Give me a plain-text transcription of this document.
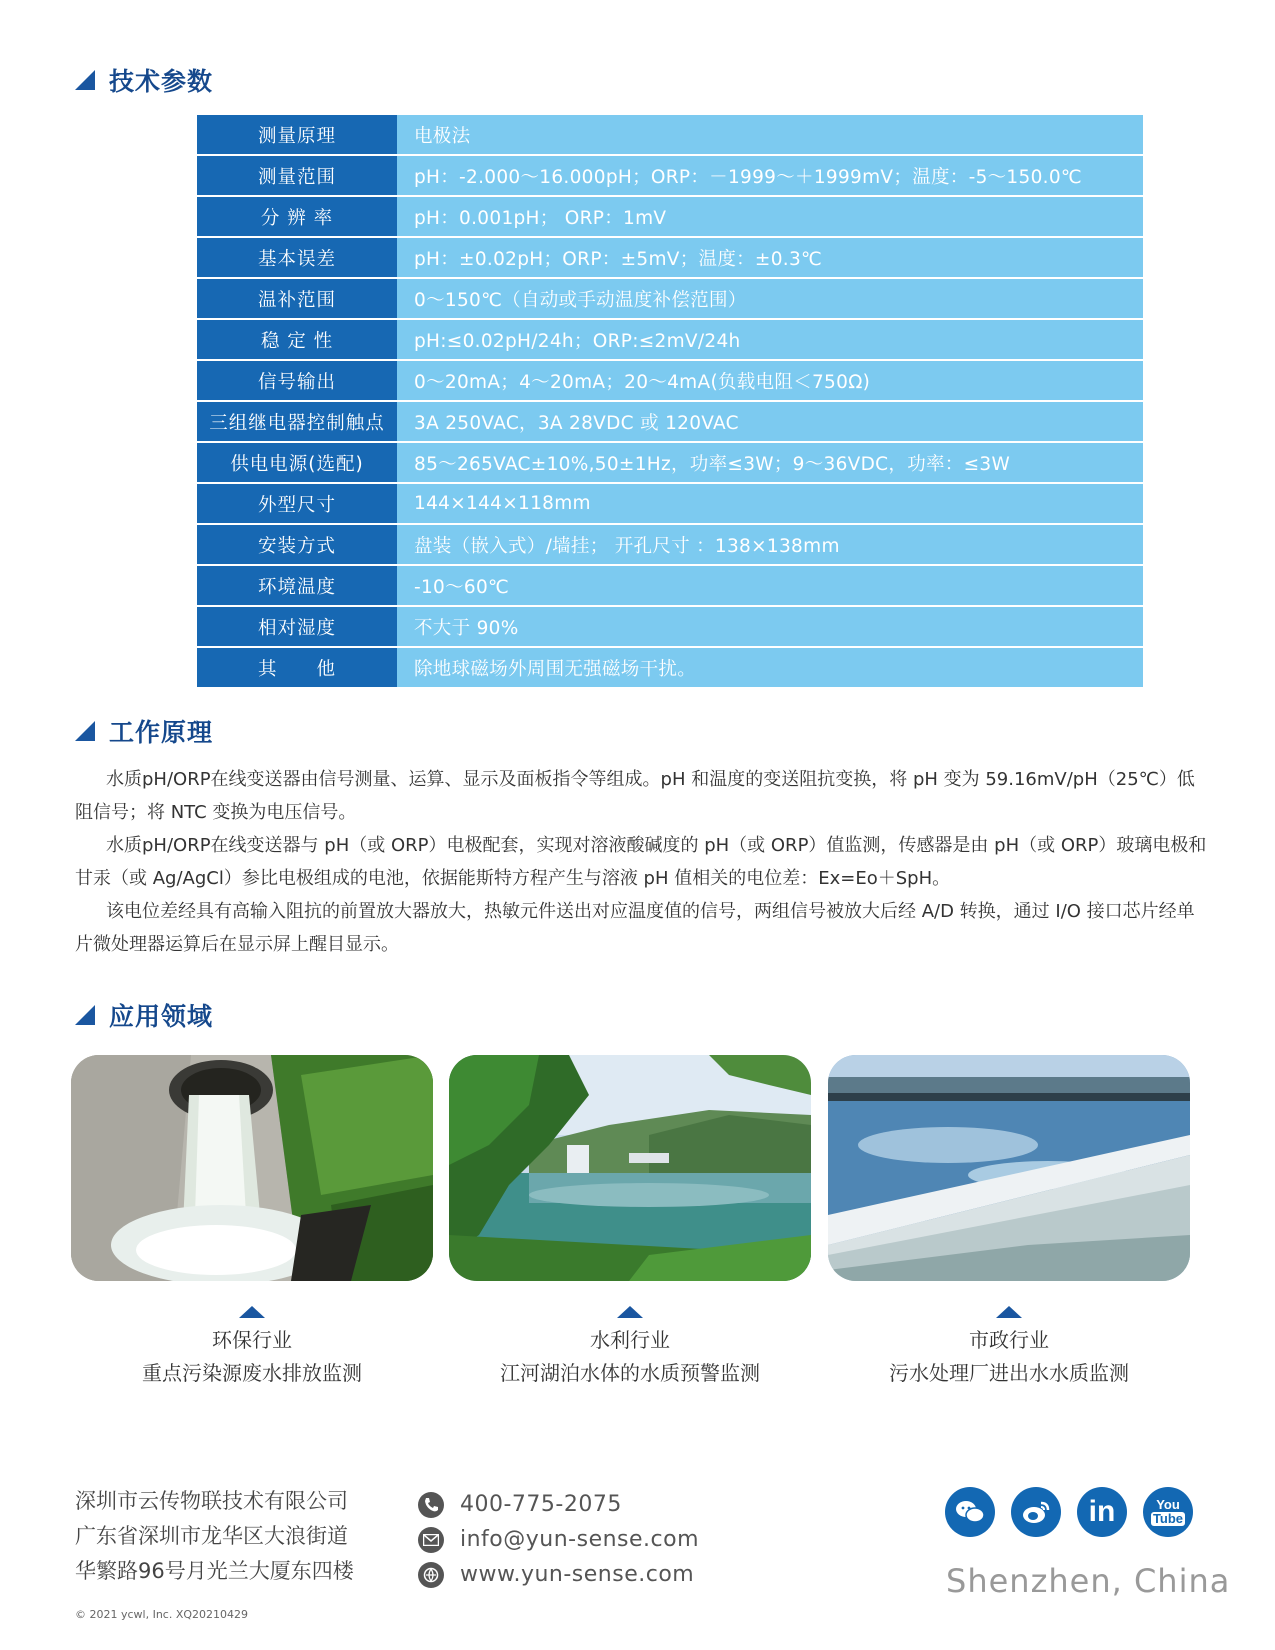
技术参数
测量原理	电极法
测量范围	pH：-2.000～16.000pH；ORP：－1999～＋1999mV；温度：-5～150.0℃
分 辨 率	pH：0.001pH； ORP：1mV
基本误差	pH：±0.02pH；ORP：±5mV；温度：±0.3℃
温补范围	0～150℃（自动或手动温度补偿范围）
稳 定 性	pH:≤0.02pH/24h；ORP:≤2mV/24h
信号输出	0～20mA；4～20mA；20～4mA(负载电阻＜750Ω)
三组继电器控制触点	3A 250VAC，3A 28VDC 或 120VAC
供电电源(选配)	85～265VAC±10%,50±1Hz，功率≤3W；9～36VDC，功率：≤3W
外型尺寸	144×144×118mm
安装方式	盘装（嵌入式）/墙挂； 开孔尺寸 ：138×138mm
环境温度	-10～60℃
相对湿度	不大于 90%
其　　他	除地球磁场外周围无强磁场干扰。
工作原理

水质pH/ORP在线变送器由信号测量、运算、显示及面板指令等组成。pH 和温度的变送阻抗变换，将 pH 变为 59.16mV/pH（25℃）低阻信号；将 NTC 变换为电压信号。

水质pH/ORP在线变送器与 pH（或 ORP）电极配套，实现对溶液酸碱度的 pH（或 ORP）值监测，传感器是由 pH（或 ORP）玻璃电极和甘汞（或 Ag/AgCl）参比电极组成的电池，依据能斯特方程产生与溶液 pH 值相关的电位差：Ex=Eo＋SpH。

该电位差经具有高输入阻抗的前置放大器放大，热敏元件送出对应温度值的信号，两组信号被放大后经 A/D 转换，通过 I/O 接口芯片经单片微处理器运算后在显示屏上醒目显示。

应用领域
环保行业
重点污染源废水排放监测
水利行业
江河湖泊水体的水质预警监测
市政行业
污水处理厂进出水水质监测
深圳市云传物联技术有限公司
广东省深圳市龙华区大浪街道
华繁路96号月光兰大厦东四楼
400-775-2075
info@yun-sense.com
www.yun-sense.com
in	You
Tube
Shenzhen, China
© 2021 ycwl, Inc. XQ20210429
